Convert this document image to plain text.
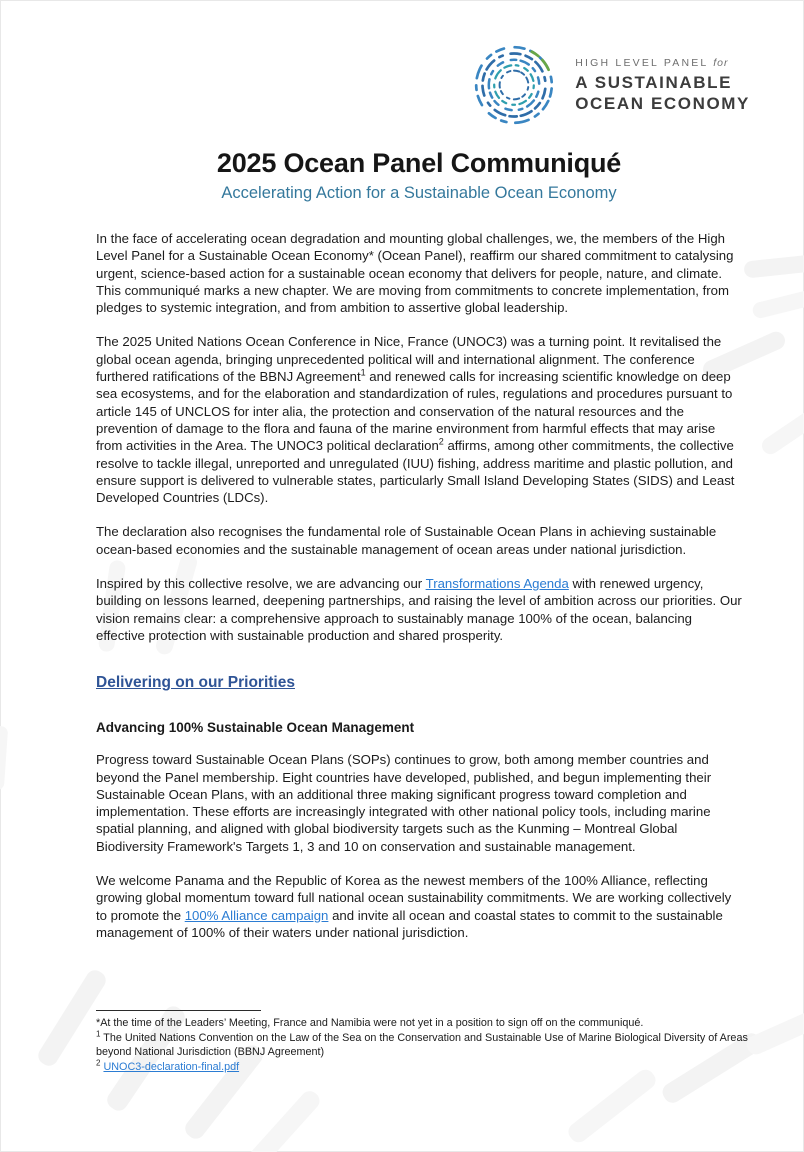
HIGH LEVEL PANEL for
A SUSTAINABLE
OCEAN ECONOMY
2025 Ocean Panel Communiqué
Accelerating Action for a Sustainable Ocean Economy

In the face of accelerating ocean degradation and mounting global challenges, we, the members of the High Level Panel for a Sustainable Ocean Economy* (Ocean Panel), reaffirm our shared commitment to catalysing urgent, science-based action for a sustainable ocean economy that delivers for people, nature, and climate. This communiqué marks a new chapter. We are moving from commitments to concrete implementation, from pledges to systemic integration, and from ambition to assertive global leadership.

The 2025 United Nations Ocean Conference in Nice, France (UNOC3) was a turning point. It revitalised the global ocean agenda, bringing unprecedented political will and international alignment. The conference furthered ratifications of the BBNJ Agreement$^1$ and renewed calls for increasing scientific knowledge on deep sea ecosystems, and for the elaboration and standardization of rules, regulations and procedures pursuant to article 145 of UNCLOS for inter alia, the protection and conservation of the natural resources and the prevention of damage to the flora and fauna of the marine environment from harmful effects that may arise from activities in the Area. The UNOC3 political declaration$^2$ affirms, among other commitments, the collective resolve to tackle illegal, unreported and unregulated (IUU) fishing, address maritime and plastic pollution, and ensure support is delivered to vulnerable states, particularly Small Island Developing States (SIDS) and Least Developed Countries (LDCs).

The declaration also recognises the fundamental role of Sustainable Ocean Plans in achieving sustainable ocean-based economies and the sustainable management of ocean areas under national jurisdiction.

Inspired by this collective resolve, we are advancing our Transformations Agenda with renewed urgency, building on lessons learned, deepening partnerships, and raising the level of ambition across our priorities. Our vision remains clear: a comprehensive approach to sustainably manage 100% of the ocean, balancing effective protection with sustainable production and shared prosperity.

Delivering on our Priorities
Advancing 100% Sustainable Ocean Management

Progress toward Sustainable Ocean Plans (SOPs) continues to grow, both among member countries and beyond the Panel membership. Eight countries have developed, published, and begun implementing their Sustainable Ocean Plans, with an additional three making significant progress toward completion and implementation. These efforts are increasingly integrated with other national policy tools, including marine spatial planning, and aligned with global biodiversity targets such as the Kunming – Montreal Global Biodiversity Framework's Targets 1, 3 and 10 on conservation and sustainable management.

We welcome Panama and the Republic of Korea as the newest members of the 100% Alliance, reflecting growing global momentum toward full national ocean sustainability commitments. We are working collectively to promote the 100% Alliance campaign and invite all ocean and coastal states to commit to the sustainable management of 100% of their waters under national jurisdiction.

*At the time of the Leaders’ Meeting, France and Namibia were not yet in a position to sign off on the communiqué.
$^1$ The United Nations Convention on the Law of the Sea on the Conservation and Sustainable Use of Marine Biological Diversity of Areas beyond National Jurisdiction (BBNJ Agreement)
$^2$ UNOC3-declaration-final.pdf
